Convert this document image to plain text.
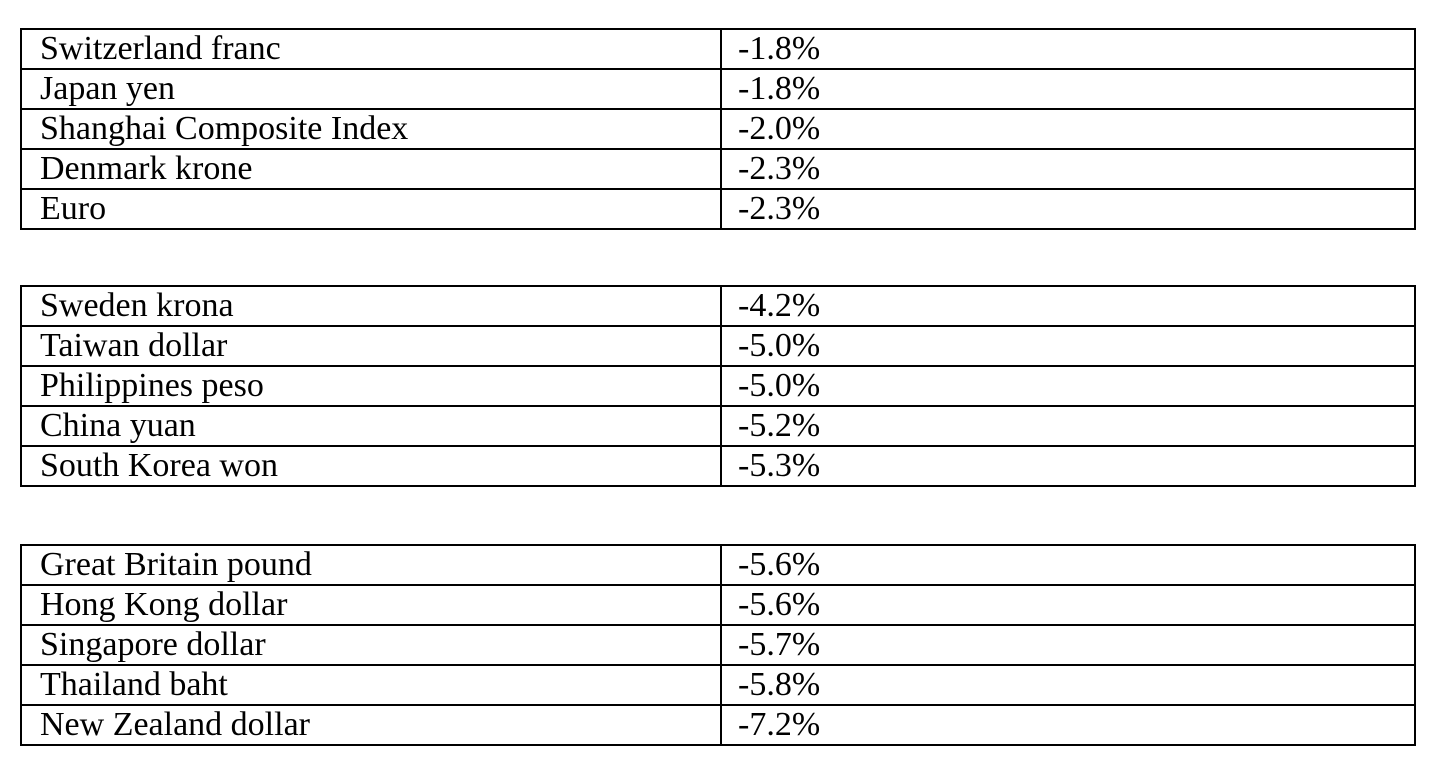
Switzerland franc	-1.8%
Japan yen	-1.8%
Shanghai Composite Index	-2.0%
Denmark krone	-2.3%
Euro	-2.3%
Sweden krona	-4.2%
Taiwan dollar	-5.0%
Philippines peso	-5.0%
China yuan	-5.2%
South Korea won	-5.3%
Great Britain pound	-5.6%
Hong Kong dollar	-5.6%
Singapore dollar	-5.7%
Thailand baht	-5.8%
New Zealand dollar	-7.2%
